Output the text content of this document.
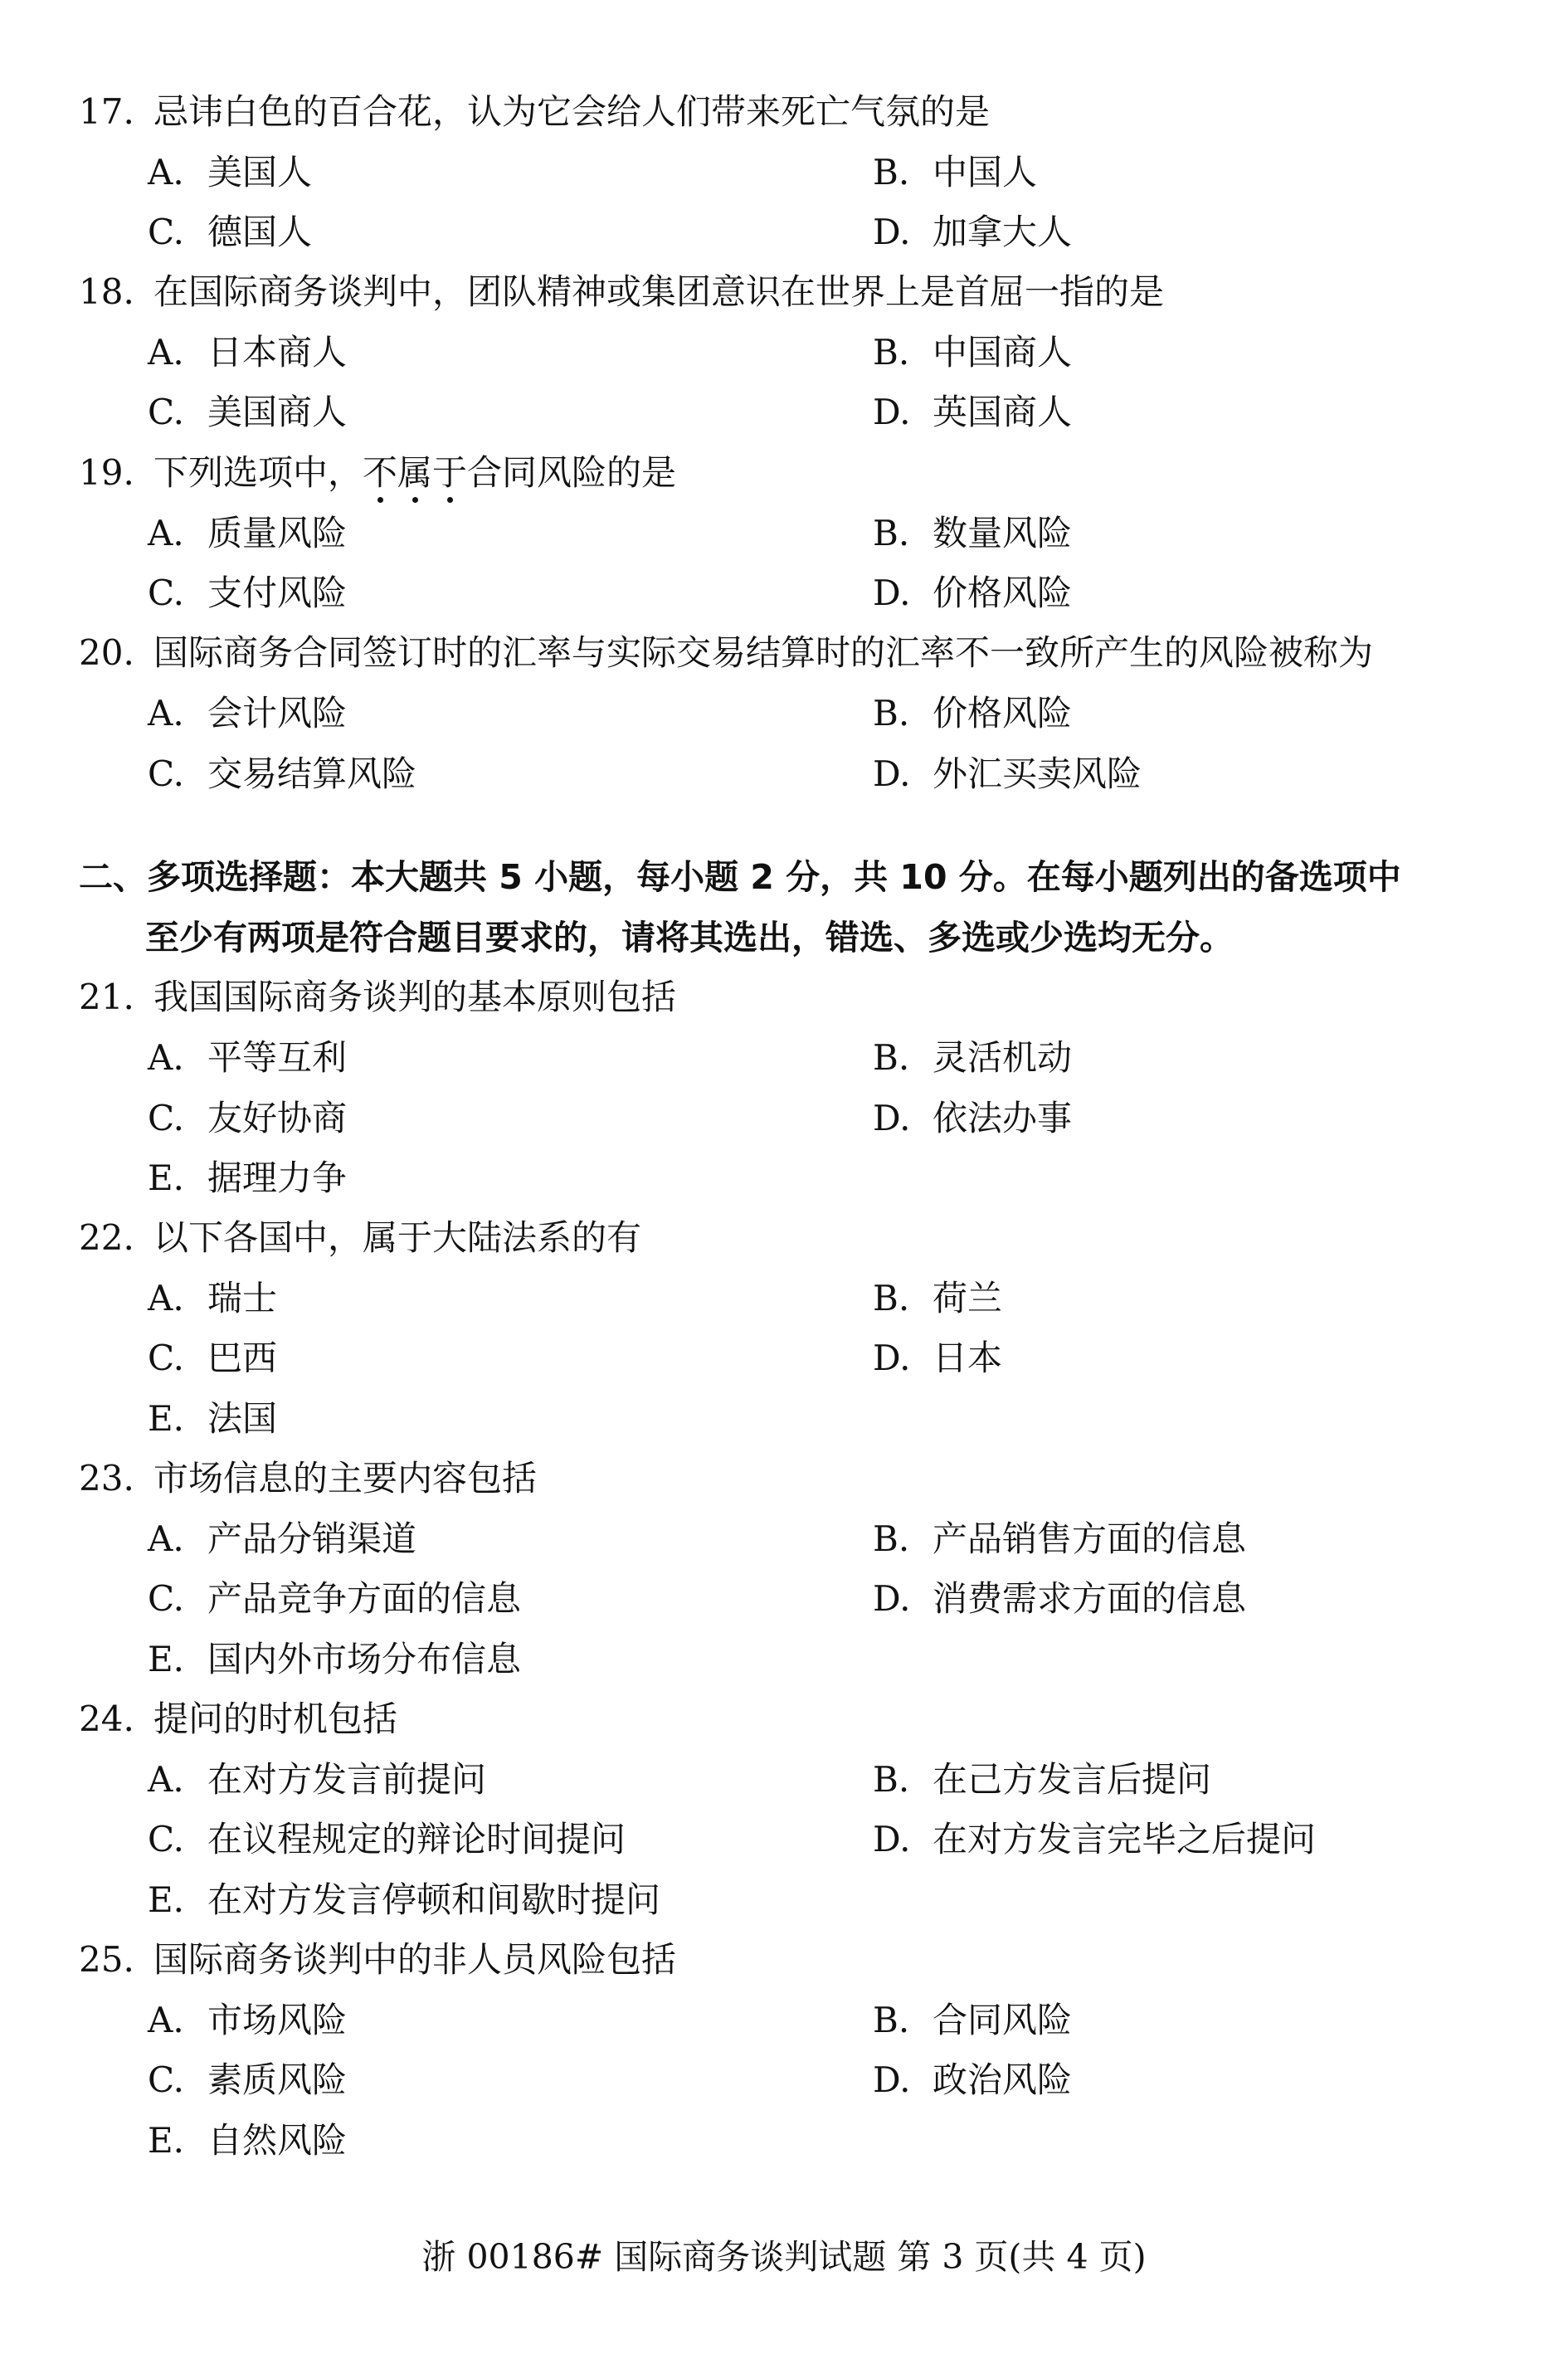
17. 忌讳白色的百合花，认为它会给人们带来死亡气氛的是
A. 美国人	B. 中国人
C. 德国人	D. 加拿大人
18. 在国际商务谈判中，团队精神或集团意识在世界上是首屈一指的是
A. 日本商人	B. 中国商人
C. 美国商人	D. 英国商人
19. 下列选项中，不属于
合同风险的是
A. 质量风险	B. 数量风险
C. 支付风险	D. 价格风险
20. 国际商务合同签订时的汇率与实际交易结算时的汇率不一致所产生的风险被称为
A. 会计风险	B. 价格风险
C. 交易结算风险	D. 外汇买卖风险
二、多项选择题：本大题共 5 小题，每小题 2 分，共 10 分。在每小题列出的备选项中
至少有两项是符合题目要求的，请将其选出，错选、多选或少选均无分。
21. 我国国际商务谈判的基本原则包括
A. 平等互利	B. 灵活机动
C. 友好协商	D. 依法办事
E. 据理力争
22. 以下各国中，属于大陆法系的有
A. 瑞士	B. 荷兰
C. 巴西	D. 日本
E. 法国
23. 市场信息的主要内容包括
A. 产品分销渠道	B. 产品销售方面的信息
C. 产品竞争方面的信息	D. 消费需求方面的信息
E. 国内外市场分布信息
24. 提问的时机包括
A. 在对方发言前提问	B. 在己方发言后提问
C. 在议程规定的辩论时间提问	D. 在对方发言完毕之后提问
E. 在对方发言停顿和间歇时提问
25. 国际商务谈判中的非人员风险包括
A. 市场风险	B. 合同风险
C. 素质风险	D. 政治风险
E. 自然风险
浙 00186# 国际商务谈判试题 第 3 页(共 4 页)
